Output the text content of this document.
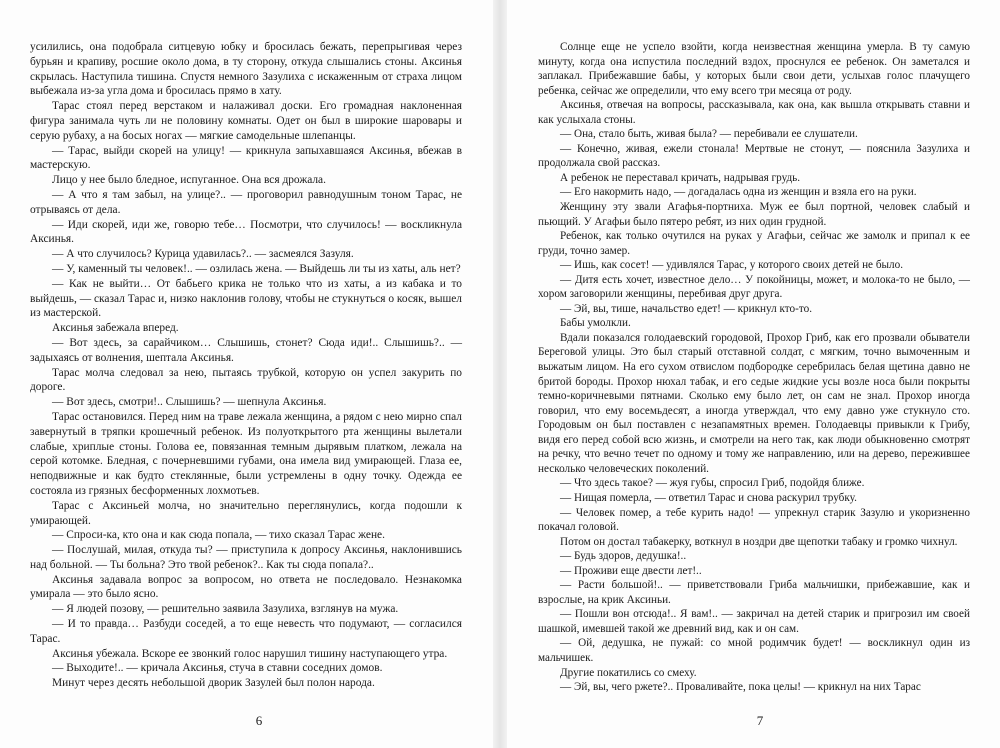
усилились, она подобрала ситцевую юбку и бросилась бежать, перепрыгивая через бурьян и крапиву, росшие около дома, в ту сторону, откуда слышались стоны. Аксинья скрылась. Наступила тишина. Спустя немного Зазулиха с искаженным от страха лицом выбежала из-за угла дома и бросилась прямо в хату.

Тарас стоял перед верстаком и налаживал доски. Его громадная наклоненная фигура занимала чуть ли не половину комнаты. Одет он был в широкие шаровары и серую рубаху, а на босых ногах — мягкие самодельные шлепанцы.

— Тарас, выйди скорей на улицу! — крикнула запыхавшаяся Аксинья, вбежав в мастерскую.

Лицо у нее было бледное, испуганное. Она вся дрожала.

— А что я там забыл, на улице?.. — проговорил равнодушным тоном Тарас, не отрываясь от дела.

— Иди скорей, иди же, говорю тебе… Посмотри, что случилось! — воскликнула Аксинья.

— А что случилось? Курица удавилась?.. — засмеялся Зазуля.

— У, каменный ты человек!.. — озлилась жена. — Выйдешь ли ты из хаты, аль нет?

— Как не выйти… От бабьего крика не только что из хаты, а из кабака и то выйдешь, — сказал Тарас и, низко наклонив голову, чтобы не стукнуться о косяк, вышел из мастерской.

Аксинья забежала вперед.

— Вот здесь, за сарайчиком… Слышишь, стонет? Сюда иди!.. Слышишь?.. — задыхаясь от волнения, шептала Аксинья.

Тарас молча следовал за нею, пытаясь трубкой, которую он успел закурить по дороге.

— Вот здесь, смотри!.. Слышишь? — шепнула Аксинья.

Тарас остановился. Перед ним на траве лежала женщина, а рядом с нею мирно спал завернутый в тряпки крошечный ребенок. Из полуоткрытого рта женщины вылетали слабые, хриплые стоны. Голова ее, повязанная темным дырявым платком, лежала на серой котомке. Бледная, с почерневшими губами, она имела вид умирающей. Глаза ее, неподвижные и как будто стеклянные, были устремлены в одну точку. Одежда ее состояла из грязных бесформенных лохмотьев.

Тарас с Аксиньей молча, но значительно переглянулись, когда подошли к умирающей.

— Спроси-ка, кто она и как сюда попала, — тихо сказал Тарас жене.

— Послушай, милая, откуда ты? — приступила к допросу Аксинья, наклонившись над больной. — Ты больна? Это твой ребенок?.. Как ты сюда попала?..

Аксинья задавала вопрос за вопросом, но ответа не последовало. Незнакомка умирала — это было ясно.

— Я людей позову, — решительно заявила Зазулиха, взглянув на мужа.

— И то правда… Разбуди соседей, а то еще невесть что подумают, — согласился Тарас.

Аксинья убежала. Вскоре ее звонкий голос нарушил тишину наступающего утра.

— Выходите!.. — кричала Аксинья, стуча в ставни соседних домов.

Минут через десять небольшой дворик Зазулей был полон народа.

6

Солнце еще не успело взойти, когда неизвестная женщина умерла. В ту самую минуту, когда она испустила последний вздох, проснулся ее ребенок. Он заметался и заплакал. Прибежавшие бабы, у которых были свои дети, услыхав голос плачущего ребенка, сейчас же определили, что ему всего три месяца от роду.

Аксинья, отвечая на вопросы, рассказывала, как она, как вышла открывать ставни и как услыхала стоны.

— Она, стало быть, живая была? — перебивали ее слушатели.

— Конечно, живая, ежели стонала! Мертвые не стонут, — пояснила Зазулиха и продолжала свой рассказ.

А ребенок не переставал кричать, надрывая грудь.

— Его накормить надо, — догадалась одна из женщин и взяла его на руки.

Женщину эту звали Агафья-портниха. Муж ее был портной, человек слабый и пьющий. У Агафьи было пятеро ребят, из них один грудной.

Ребенок, как только очутился на руках у Агафьи, сейчас же замолк и припал к ее груди, точно замер.

— Ишь, как сосет! — удивлялся Тарас, у которого своих детей не было.

— Дитя есть хочет, известное дело… У покойницы, может, и молока-то не было, — хором заговорили женщины, перебивая друг друга.

— Эй, вы, тише, начальство едет! — крикнул кто-то.

Бабы умолкли.

Вдали показался голодаевский городовой, Прохор Гриб, как его прозвали обыватели Береговой улицы. Это был старый отставной солдат, с мягким, точно вымоченным и выжатым лицом. На его сухом отвислом подбородке серебрилась белая щетина давно не бритой бороды. Прохор нюхал табак, и его седые жидкие усы возле носа были покрыты темно-коричневыми пятнами. Сколько ему было лет, он сам не знал. Прохор иногда говорил, что ему восемьдесят, а иногда утверждал, что ему давно уже стукнуло сто. Городовым он был поставлен с незапамятных времен. Голодаевцы привыкли к Грибу, видя его перед собой всю жизнь, и смотрели на него так, как люди обыкновенно смотрят на речку, что вечно течет по одному и тому же направлению, или на дерево, пережившее несколько человеческих поколений.

— Что здесь такое? — жуя губы, спросил Гриб, подойдя ближе.

— Нищая померла, — ответил Тарас и снова раскурил трубку.

— Человек помер, а тебе курить надо! — упрекнул старик Зазулю и укоризненно покачал головой.

Потом он достал табакерку, воткнул в ноздри две щепотки табаку и громко чихнул.

— Будь здоров, дедушка!..

— Проживи еще двести лет!..

— Расти большой!.. — приветствовали Гриба мальчишки, прибежавшие, как и взрослые, на крик Аксиньи.

— Пошли вон отсюда!.. Я вам!.. — закричал на детей старик и пригрозил им своей шашкой, имевшей такой же древний вид, как и он сам.

— Ой, дедушка, не пужай: со мной родимчик будет! — воскликнул один из мальчишек.

Другие покатились со смеху.

— Эй, вы, чего ржете?.. Проваливайте, пока целы! — крикнул на них Тарас

7
